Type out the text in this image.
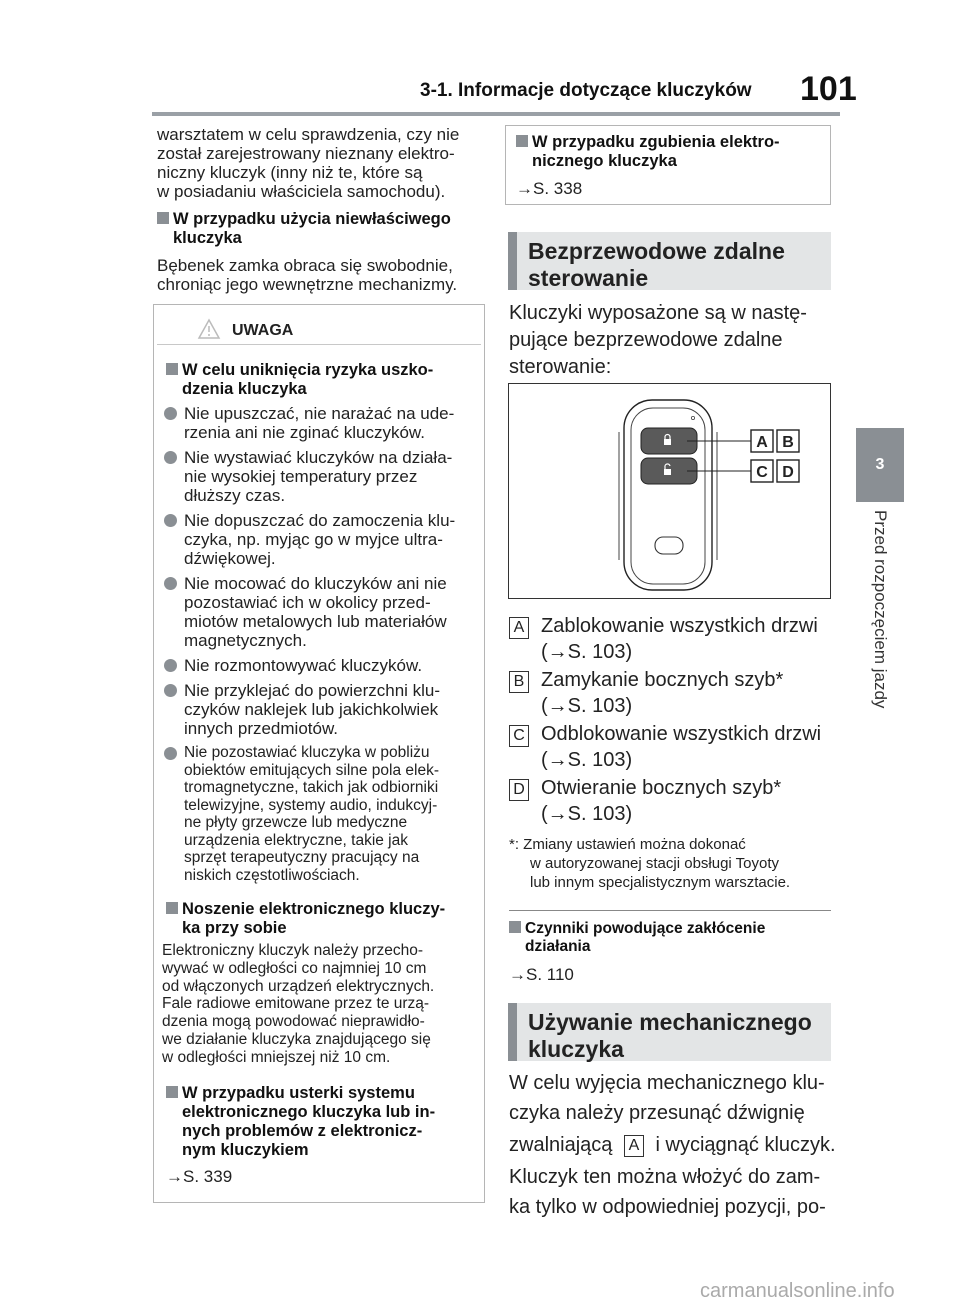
3-1. Informacje dotyczące kluczyków 101
3
Przed rozpoczęciem jazdy
warsztatem w celu sprawdzenia, czy nie
został zarejestrowany nieznany elektro-
niczny kluczyk (inny niż te, które są
w posiadaniu właściciela samochodu).
W przypadku użycia niewłaściwego
kluczyka
Bębenek zamka obraca się swobodnie,
chroniąc jego wewnętrzne mechanizmy.
UWAGA
W celu uniknięcia ryzyka uszko-
dzenia kluczyka
Nie upuszczać, nie narażać na ude-
rzenia ani nie zginać kluczyków.
Nie wystawiać kluczyków na działa-
nie wysokiej temperatury przez
dłuższy czas.
Nie dopuszczać do zamoczenia klu-
czyka, np. myjąc go w myjce ultra-
dźwiękowej.
Nie mocować do kluczyków ani nie
pozostawiać ich w okolicy przed-
miotów metalowych lub materiałów
magnetycznych.
Nie rozmontowywać kluczyków.
Nie przyklejać do powierzchni klu-
czyków naklejek lub jakichkolwiek
innych przedmiotów.
Nie pozostawiać kluczyka w pobliżu
obiektów emitujących silne pola elek-
tromagnetyczne, takich jak odbiorniki
telewizyjne, systemy audio, indukcyj-
ne płyty grzewcze lub medyczne
urządzenia elektryczne, takie jak
sprzęt terapeutyczny pracujący na
niskich częstotliwościach.
Noszenie elektronicznego kluczy-
ka przy sobie
Elektroniczny kluczyk należy przecho-
wywać w odległości co najmniej 10 cm
od włączonych urządzeń elektrycznych.
Fale radiowe emitowane przez te urzą-
dzenia mogą powodować nieprawidło-
we działanie kluczyka znajdującego się
w odległości mniejszej niż 10 cm.
W przypadku usterki systemu
elektronicznego kluczyka lub in-
nych problemów z elektronicz-
nym kluczykiem
→S. 339
W przypadku zgubienia elektro-
nicznego kluczyka
→S. 338
Bezprzewodowe zdalne
sterowanie
Kluczyki wyposażone są w nastę-
pujące bezprzewodowe zdalne
sterowanie:
A B
C D
A Zablokowanie wszystkich drzwi
(→S. 103)
B Zamykanie bocznych szyb*
(→S. 103)
C Odblokowanie wszystkich drzwi
(→S. 103)
D Otwieranie bocznych szyb*
(→S. 103)
*: Zmiany ustawień można dokonać
w autoryzowanej stacji obsługi Toyoty
lub innym specjalistycznym warsztacie.
Czynniki powodujące zakłócenie
działania
→S. 110
Używanie mechanicznego
kluczyka
W celu wyjęcia mechanicznego klu-
czyka należy przesunąć dźwignię
zwalniającą A i wyciągnąć kluczyk.
Kluczyk ten można włożyć do zam-
ka tylko w odpowiedniej pozycji, po-
carmanualsonline.info
